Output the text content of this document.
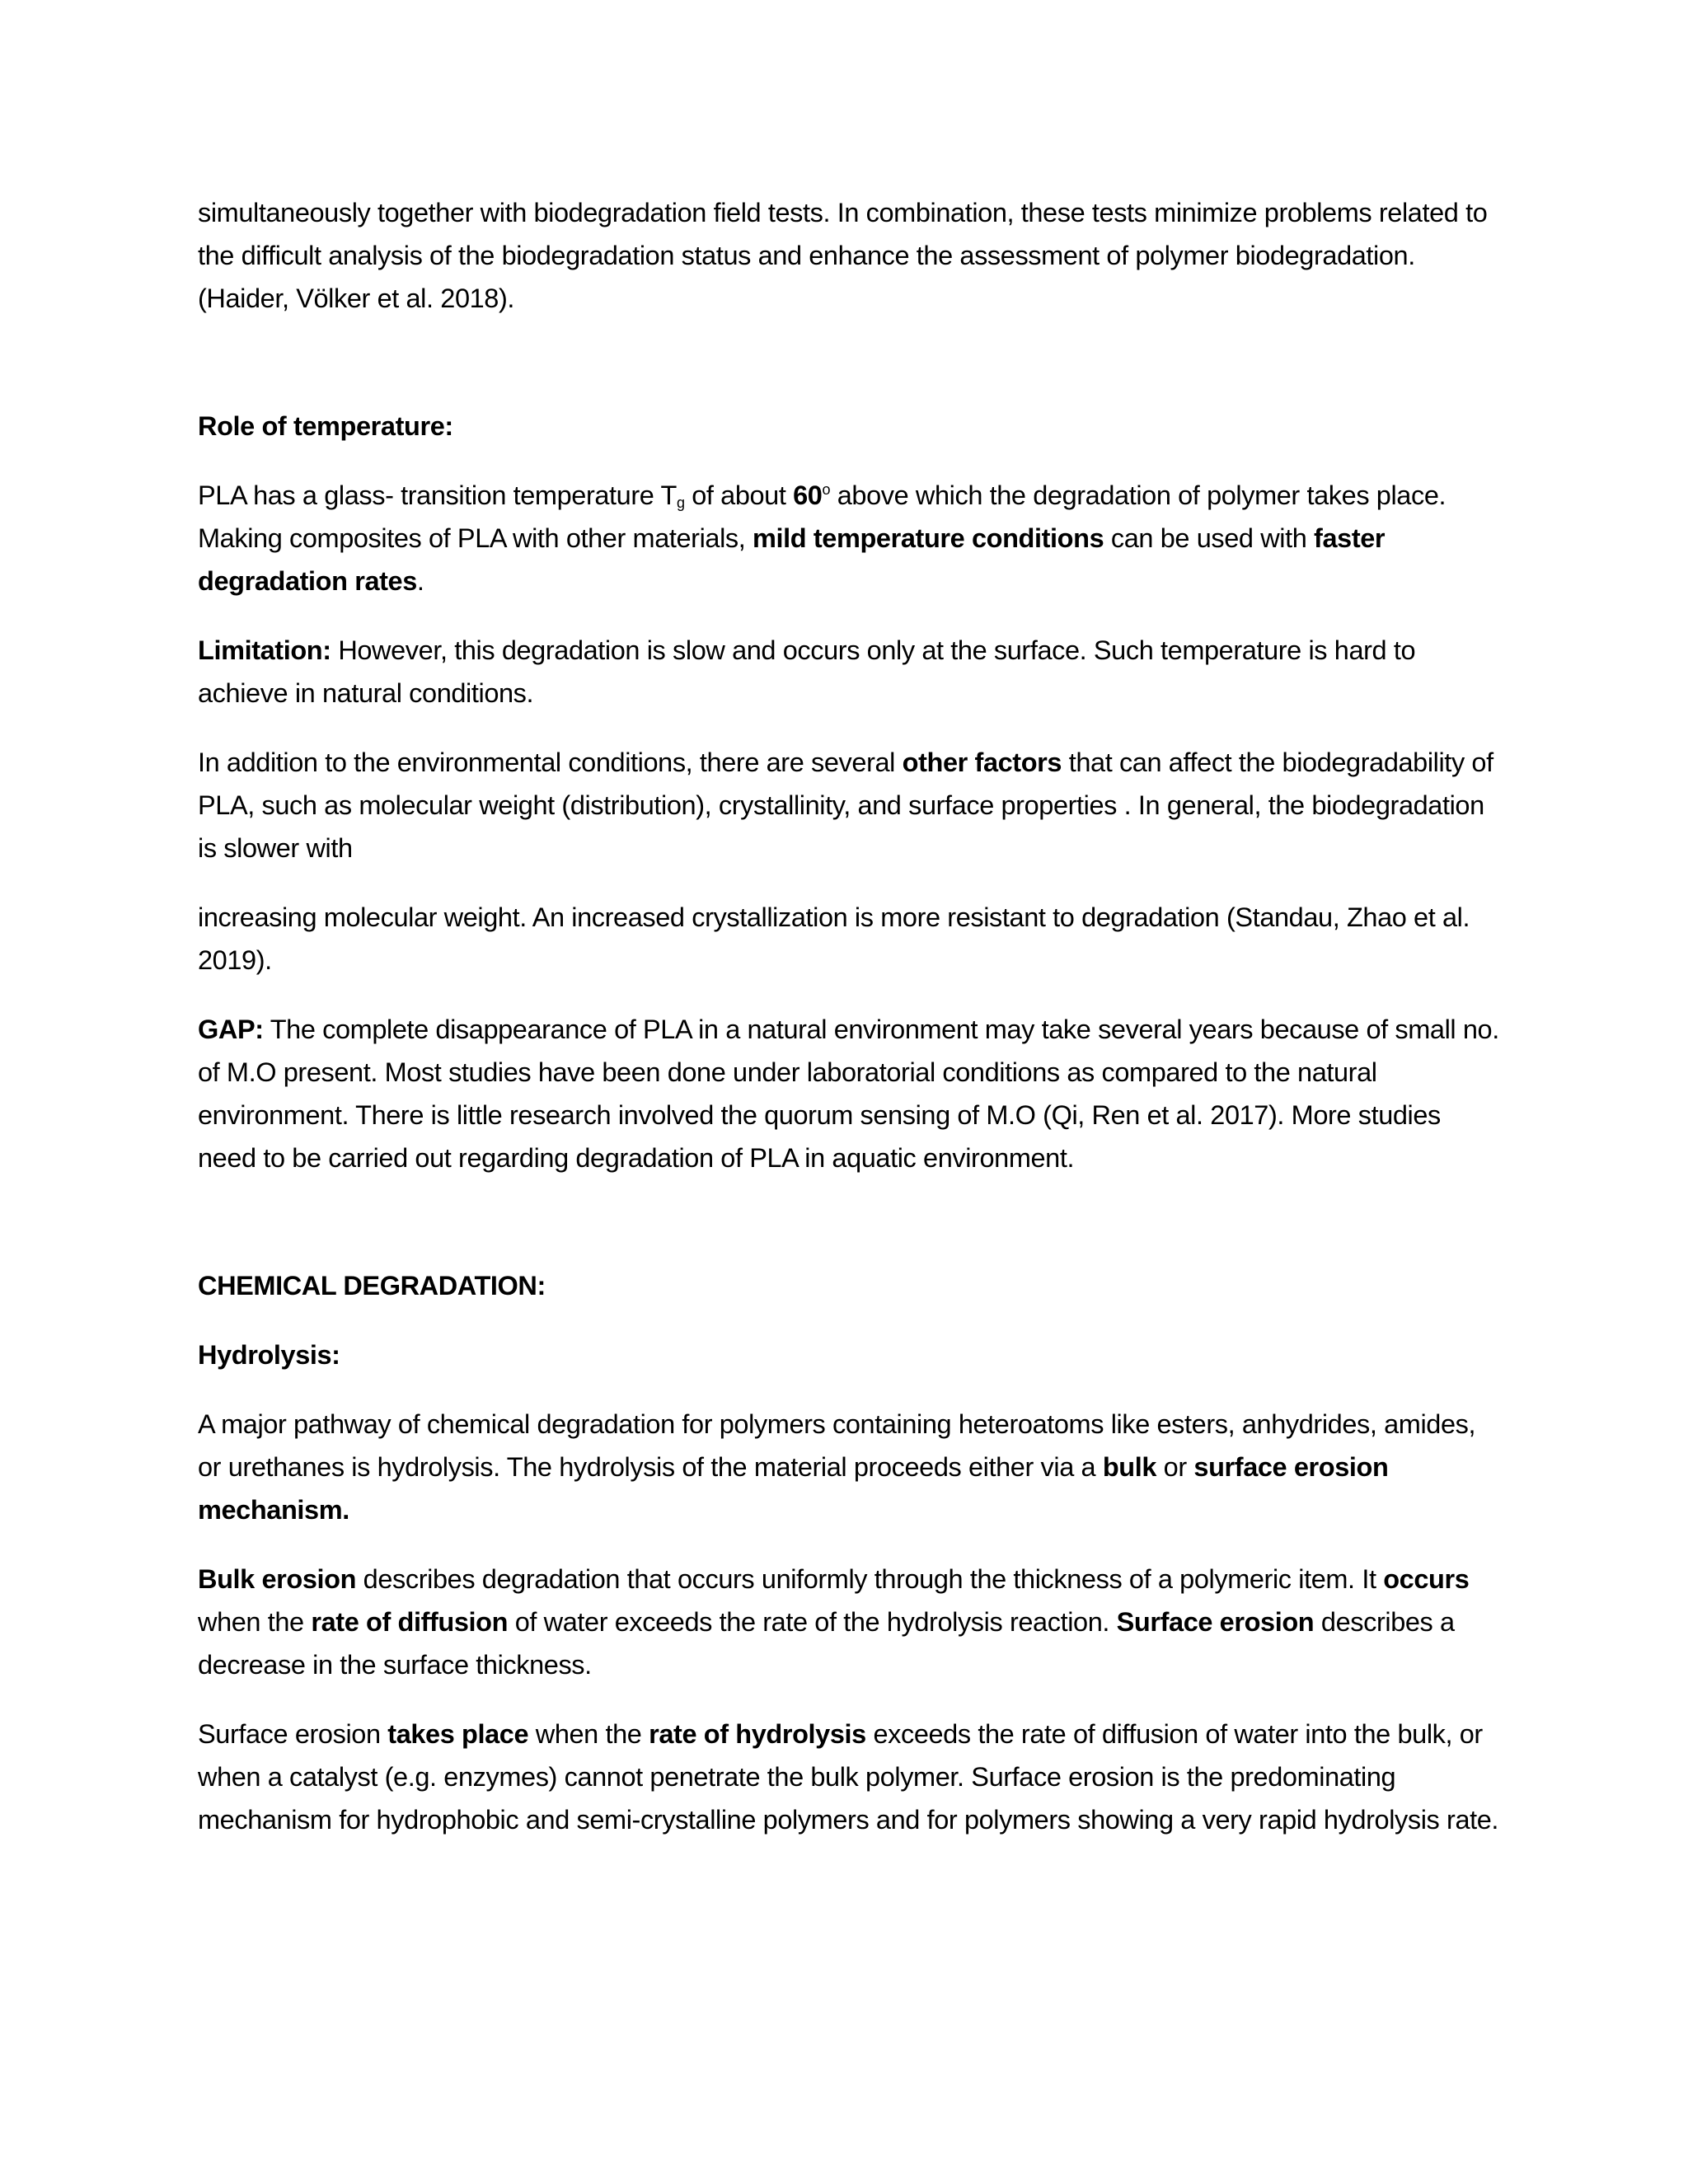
simultaneously together with biodegradation field tests. In combination, these tests minimize problems related to the difficult analysis of the biodegradation status and enhance the assessment of polymer biodegradation. (Haider, Völker et al. 2018).

Role of temperature:

PLA has a glass- transition temperature $T_g$ of about 60$^o$ above which the degradation of polymer takes place. Making composites of PLA with other materials, mild temperature conditions can be used with faster degradation rates.

Limitation: However, this degradation is slow and occurs only at the surface. Such temperature is hard to achieve in natural conditions.

In addition to the environmental conditions, there are several other factors that can affect the biodegradability of PLA, such as molecular weight (distribution), crystallinity, and surface properties . In general, the biodegradation is slower with

increasing molecular weight. An increased crystallization is more resistant to degradation (Standau, Zhao et al. 2019).

GAP: The complete disappearance of PLA in a natural environment may take several years because of small no. of M.O present. Most studies have been done under laboratorial conditions as compared to the natural environment. There is little research involved the quorum sensing of M.O (Qi, Ren et al. 2017). More studies need to be carried out regarding degradation of PLA in aquatic environment.

CHEMICAL DEGRADATION:

Hydrolysis:

A major pathway of chemical degradation for polymers containing heteroatoms like esters, anhydrides, amides, or urethanes is hydrolysis. The hydrolysis of the material proceeds either via a bulk or surface erosion mechanism.

Bulk erosion describes degradation that occurs uniformly through the thickness of a polymeric item. It occurs when the rate of diffusion of water exceeds the rate of the hydrolysis reaction. Surface erosion describes a decrease in the surface thickness.

Surface erosion takes place when the rate of hydrolysis exceeds the rate of diffusion of water into the bulk, or when a catalyst (e.g. enzymes) cannot penetrate the bulk polymer. Surface erosion is the predominating mechanism for hydrophobic and semi-crystalline polymers and for polymers showing a very rapid hydrolysis rate.
